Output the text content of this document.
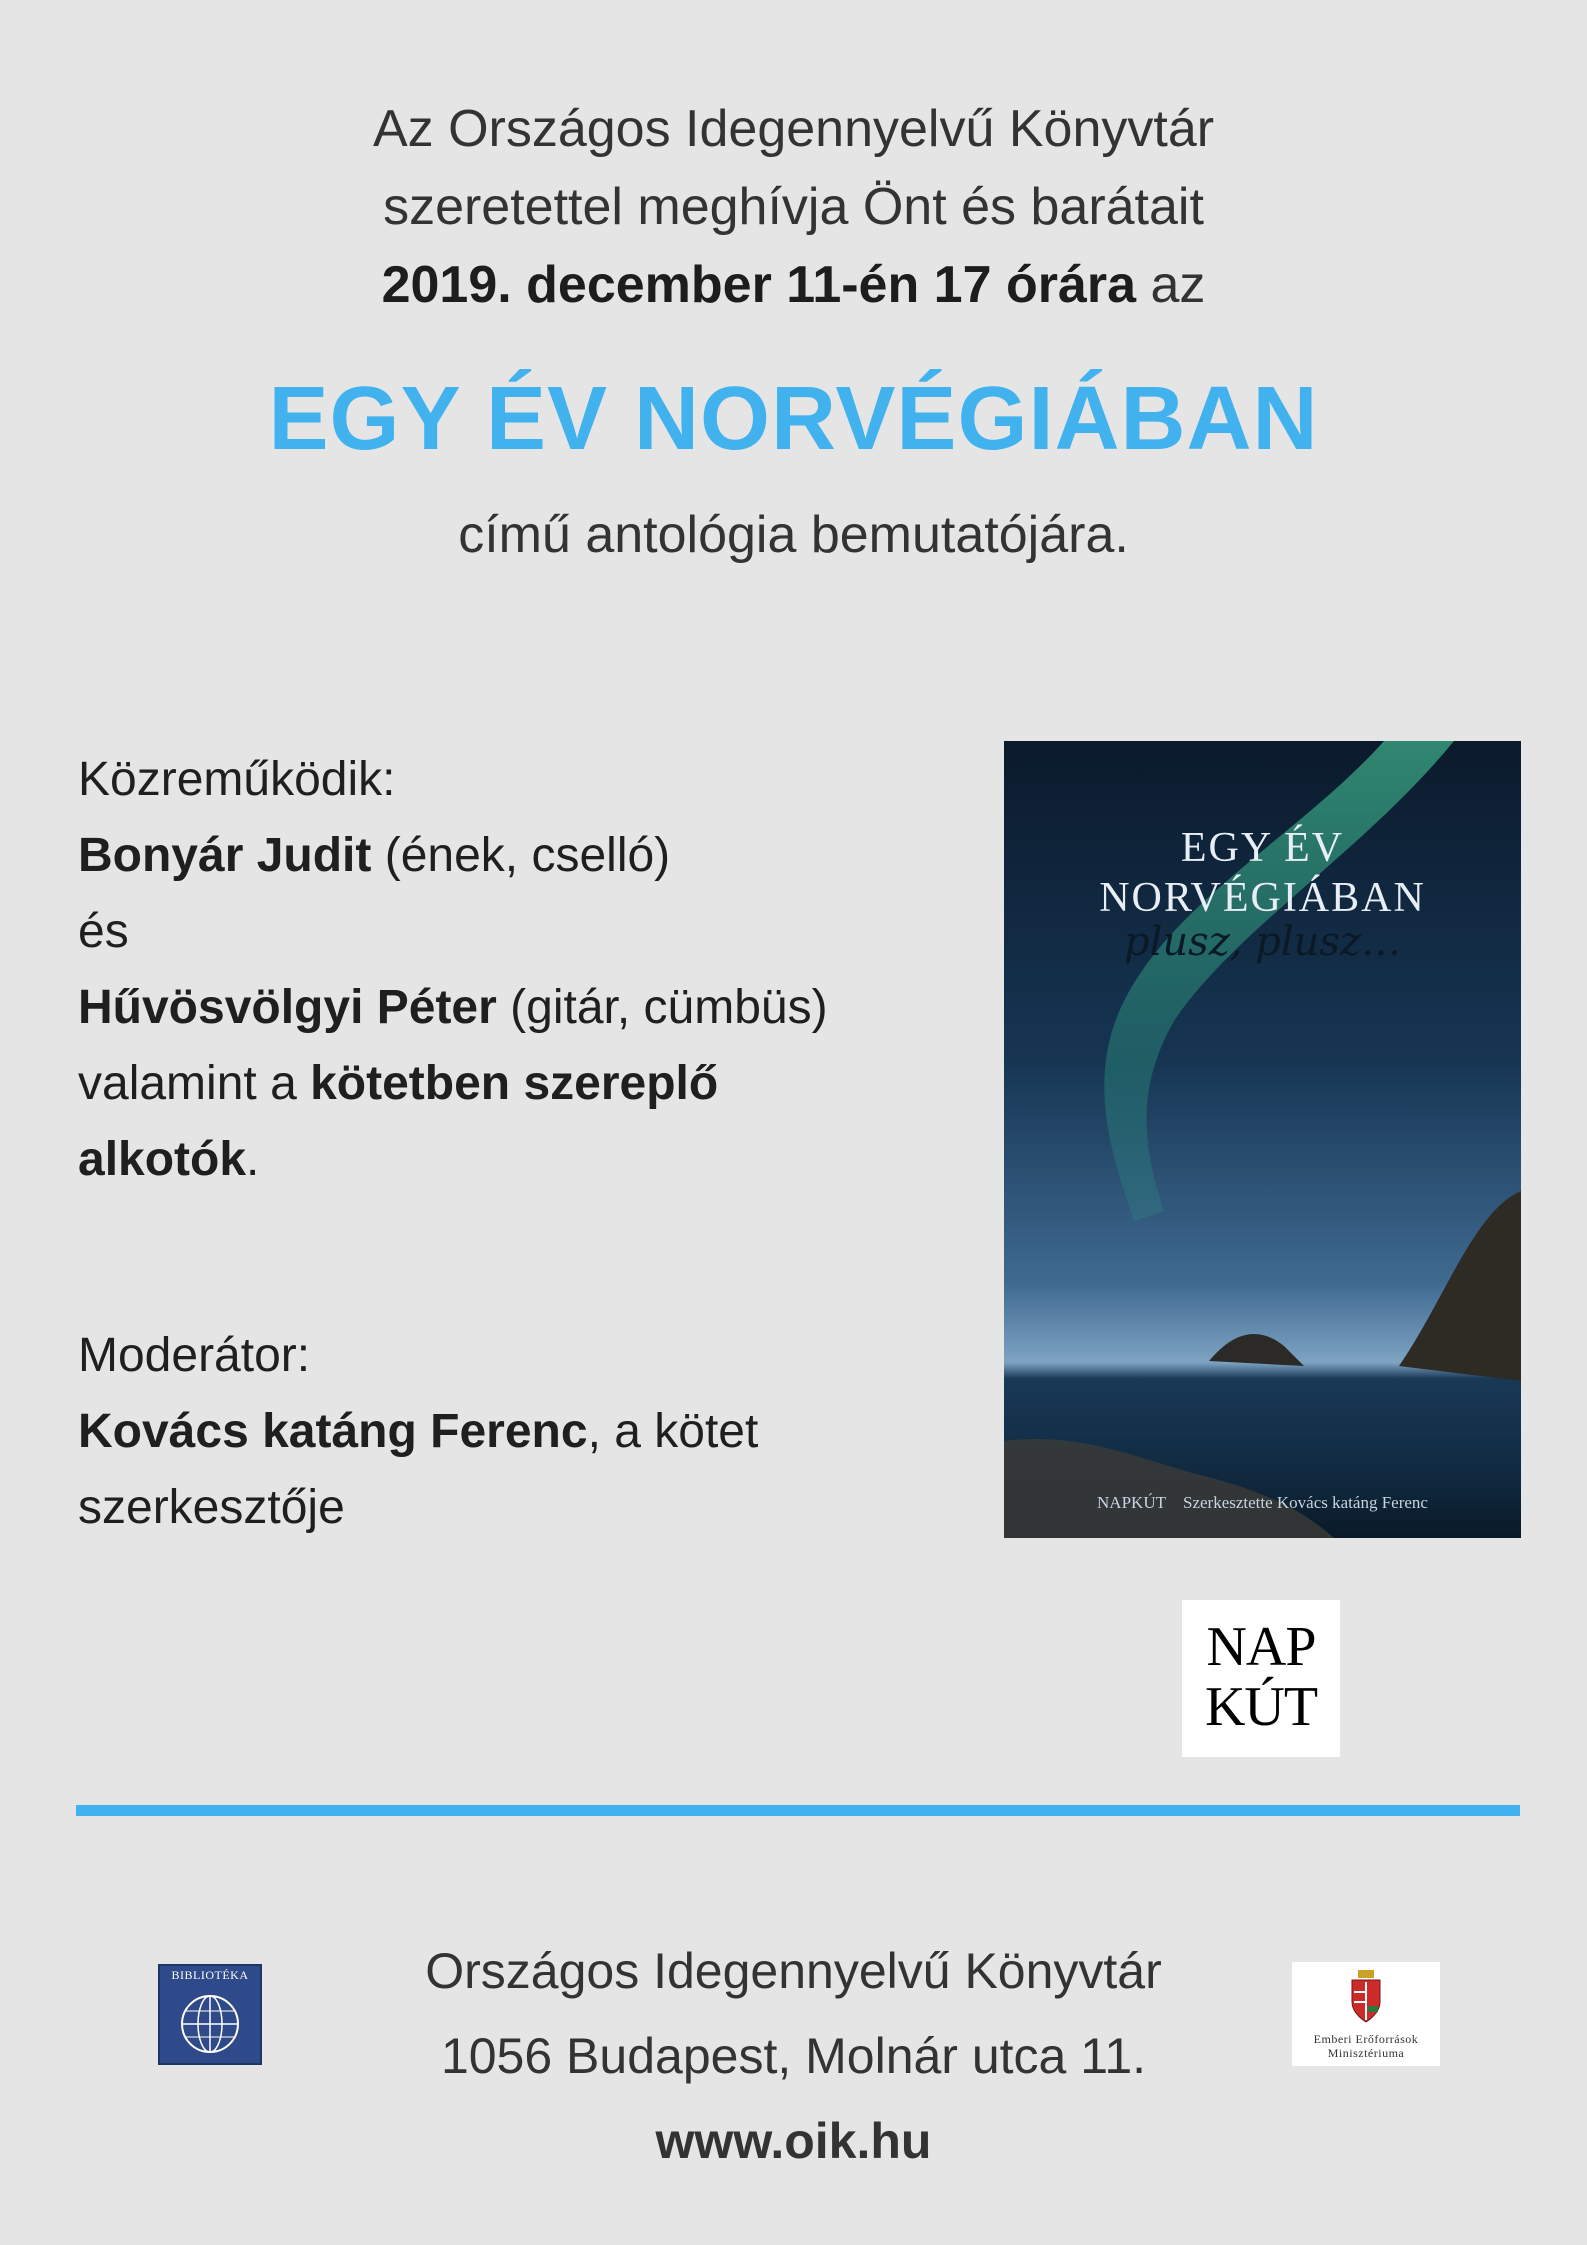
Az Országos Idegennyelvű Könyvtár
szeretettel meghívja Önt és barátait
2019. december 11-én 17 órára az
EGY ÉV NORVÉGIÁBAN
című antológia bemutatójára.
Közreműködik:
Bonyár Judit (ének, cselló)
és
Hűvösvölgyi Péter (gitár, cümbüs)
valamint a kötetben szereplő
alkotók.
Moderátor:
Kovács katáng Ferenc, a kötet
szerkesztője
EGY ÉV
NORVÉGIÁBAN
plusz, plusz…
NAPKÚT Szerkesztette Kovács katáng Ferenc
NAP
KÚT
Országos Idegennyelvű Könyvtár
1056 Budapest, Molnár utca 11.
www.oik.hu
BIBLIOTÉKA
Emberi Erőforrások
Minisztériuma
